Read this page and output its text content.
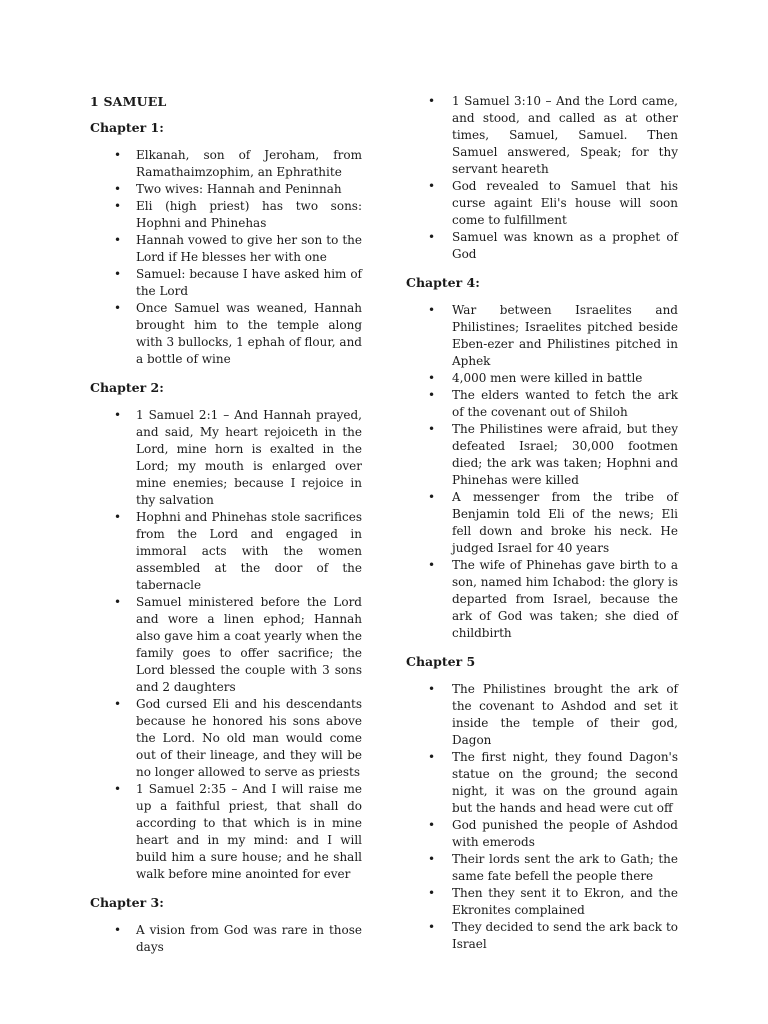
1 SAMUEL
Chapter 1:
• Elkanah, son of Jeroham, from Ramathaimzophim, an Ephrathite
• Two wives: Hannah and Peninnah
• Eli (high priest) has two sons: Hophni and Phinehas
• Hannah vowed to give her son to the Lord if He blesses her with one
• Samuel: because I have asked him of the Lord
• Once Samuel was weaned, Hannah brought him to the temple along with 3 bullocks, 1 ephah of flour, and a bottle of wine
Chapter 2:
• 1 Samuel 2:1 – And Hannah prayed, and said, My heart rejoiceth in the Lord, mine horn is exalted in the Lord; my mouth is enlarged over mine enemies; because I rejoice in thy salvation
• Hophni and Phinehas stole sacrifices from the Lord and engaged in immoral acts with the women assembled at the door of the tabernacle
• Samuel ministered before the Lord and wore a linen ephod; Hannah also gave him a coat yearly when the family goes to offer sacrifice; the Lord blessed the couple with 3 sons and 2 daughters
• God cursed Eli and his descendants because he honored his sons above the Lord. No old man would come out of their lineage, and they will be no longer allowed to serve as priests
• 1 Samuel 2:35 – And I will raise me up a faithful priest, that shall do according to that which is in mine heart and in my mind: and I will build him a sure house; and he shall walk before mine anointed for ever
Chapter 3:
• A vision from God was rare in those days
• 1 Samuel 3:10 – And the Lord came, and stood, and called as at other times, Samuel, Samuel. Then Samuel answered, Speak; for thy servant heareth
• God revealed to Samuel that his curse againt Eli's house will soon come to fulfillment
• Samuel was known as a prophet of God
Chapter 4:
• War between Israelites and Philistines; Israelites pitched beside Eben-ezer and Philistines pitched in Aphek
• 4,000 men were killed in battle
• The elders wanted to fetch the ark of the covenant out of Shiloh
• The Philistines were afraid, but they defeated Israel; 30,000 footmen died; the ark was taken; Hophni and Phinehas were killed
• A messenger from the tribe of Benjamin told Eli of the news; Eli fell down and broke his neck. He judged Israel for 40 years
• The wife of Phinehas gave birth to a son, named him Ichabod: the glory is departed from Israel, because the ark of God was taken; she died of childbirth
Chapter 5
• The Philistines brought the ark of the covenant to Ashdod and set it inside the temple of their god, Dagon
• The first night, they found Dagon's statue on the ground; the second night, it was on the ground again but the hands and head were cut off
• God punished the people of Ashdod with emerods
• Their lords sent the ark to Gath; the same fate befell the people there
• Then they sent it to Ekron, and the Ekronites complained
• They decided to send the ark back to Israel
